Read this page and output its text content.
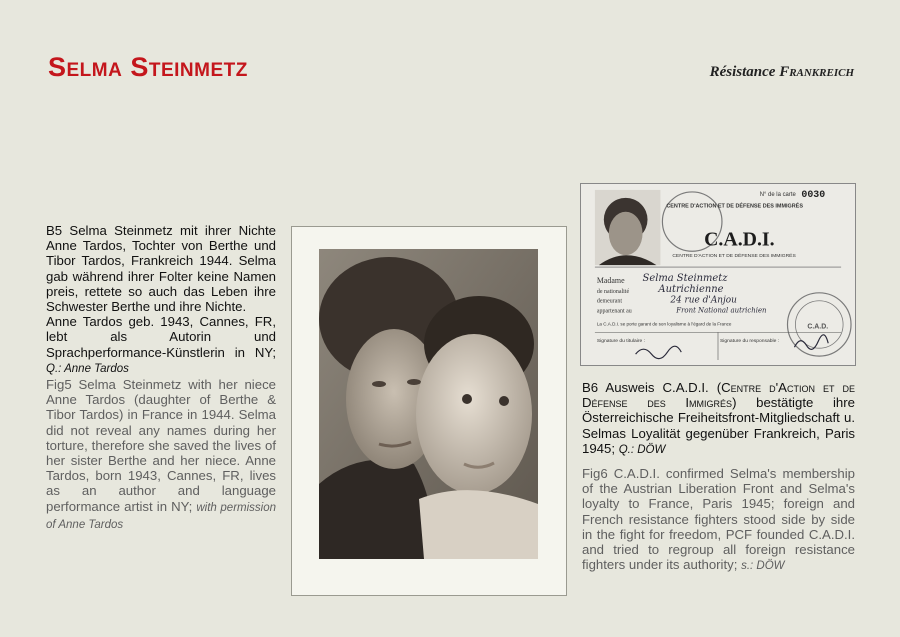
Selma Steinmetz	Résistance Frankreich
B5 Selma Steinmetz mit ihrer Nichte Anne Tardos, Tochter von Berthe und Tibor Tardos, Frankreich 1944. Selma gab während ihrer Folter keine Namen preis, rettete so auch das Leben ihre Schwester Berthe und ihre Nichte.
Anne Tardos geb. 1943, Cannes, FR, lebt als Autorin und Sprachperformance-Künstlerin in NY; Q.: Anne Tardos
Fig5 Selma Steinmetz with her niece Anne Tardos (daughter of Berthe & Tibor Tardos) in France in 1944. Selma did not reveal any names during her torture, therefore she saved the lives of her sister Berthe and her niece. Anne Tardos, born 1943, Cannes, FR, lives as an author and language performance artist in NY; with permission of Anne Tardos
N° de la carte 0030
CENTRE D'ACTION ET DE DÉFENSE DES IMMIGRÉS
C.A.D.I.
CENTRE D'ACTION ET DE DÉFENSE DES IMMIGRÉS
Madame
de nationalité
demeurant
appartenant au
Selma Steinmetz
Autrichienne
24 rue d'Anjou
Front National autrichien
La C.A.D.I. se porte garant de son loyalisme à l'égard de la France
Signature du titulaire :	Signature du responsable :
C.A.D.
B6 Ausweis C.A.D.I. (Centre d'Action et de Défense des Immigrés) bestätigte ihre Österreichische Freiheitsfront-Mitgliedschaft u. Selmas Loyalität gegenüber Frankreich, Paris 1945; Q.: DÖW
Fig6 C.A.D.I. confirmed Selma's membership of the Austrian Liberation Front and Selma's loyalty to France, Paris 1945; foreign and French resistance fighters stood side by side in the fight for freedom, PCF founded C.A.D.I. and tried to regroup all foreign resistance fighters under its authority; s.: DÖW
